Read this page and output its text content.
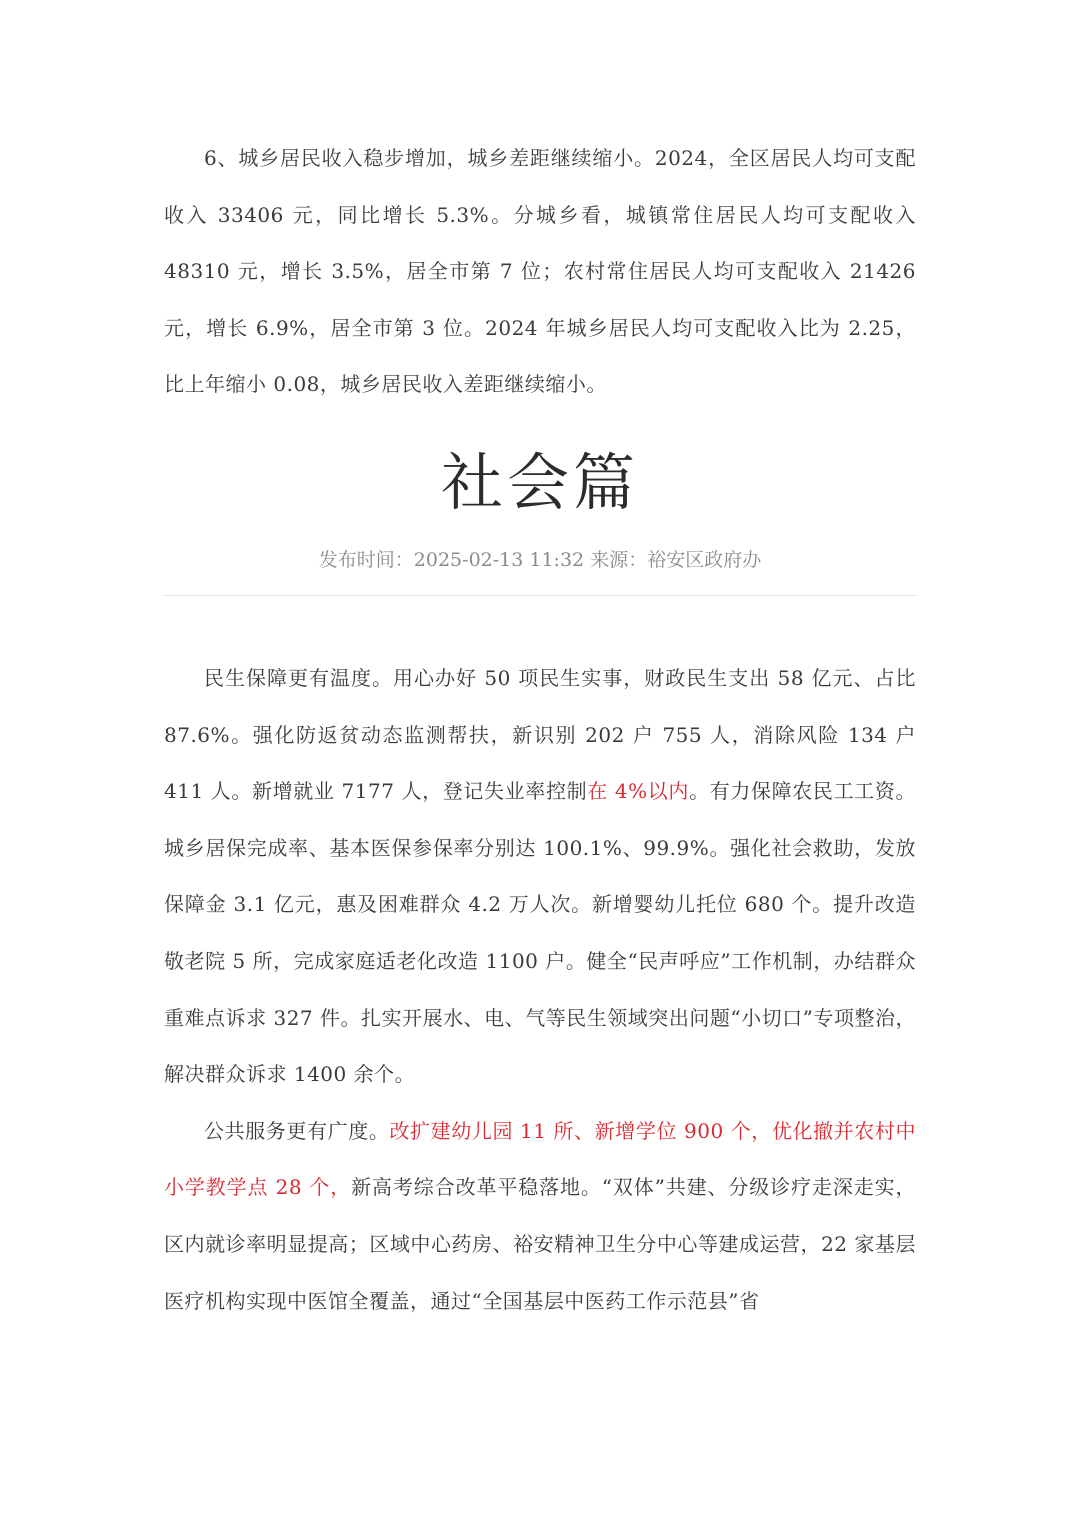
6、城乡居民收入稳步增加，城乡差距继续缩小。2024，全区居民人均可支配收入 33406 元，同比增长 5.3%。分城乡看，城镇常住居民人均可支配收入 48310 元，增长 3.5%，居全市第 7 位；农村常住居民人均可支配收入 21426 元，增长 6.9%，居全市第 3 位。2024 年城乡居民人均可支配收入比为 2.25，比上年缩小 0.08，城乡居民收入差距继续缩小。

社会篇
发布时间：2025-02-13 11:32 来源：裕安区政府办

民生保障更有温度。用心办好 50 项民生实事，财政民生支出 58 亿元、占比 87.6%。强化防返贫动态监测帮扶，新识别 202 户 755 人，消除风险 134 户 411 人。新增就业 7177 人，登记失业率控制在 4%以内。有力保障农民工工资。城乡居保完成率、基本医保参保率分别达 100.1%、99.9%。强化社会救助，发放保障金 3.1 亿元，惠及困难群众 4.2 万人次。新增婴幼儿托位 680 个。提升改造敬老院 5 所，完成家庭适老化改造 1100 户。健全“民声呼应”工作机制，办结群众重难点诉求 327 件。扎实开展水、电、气等民生领域突出问题“小切口”专项整治，解决群众诉求 1400 余个。

公共服务更有广度。改扩建幼儿园 11 所、新增学位 900 个，优化撤并农村中小学教学点 28 个，新高考综合改革平稳落地。“双体”共建、分级诊疗走深走实，区内就诊率明显提高；区域中心药房、裕安精神卫生分中心等建成运营，22 家基层医疗机构实现中医馆全覆盖，通过“全国基层中医药工作示范县”省
